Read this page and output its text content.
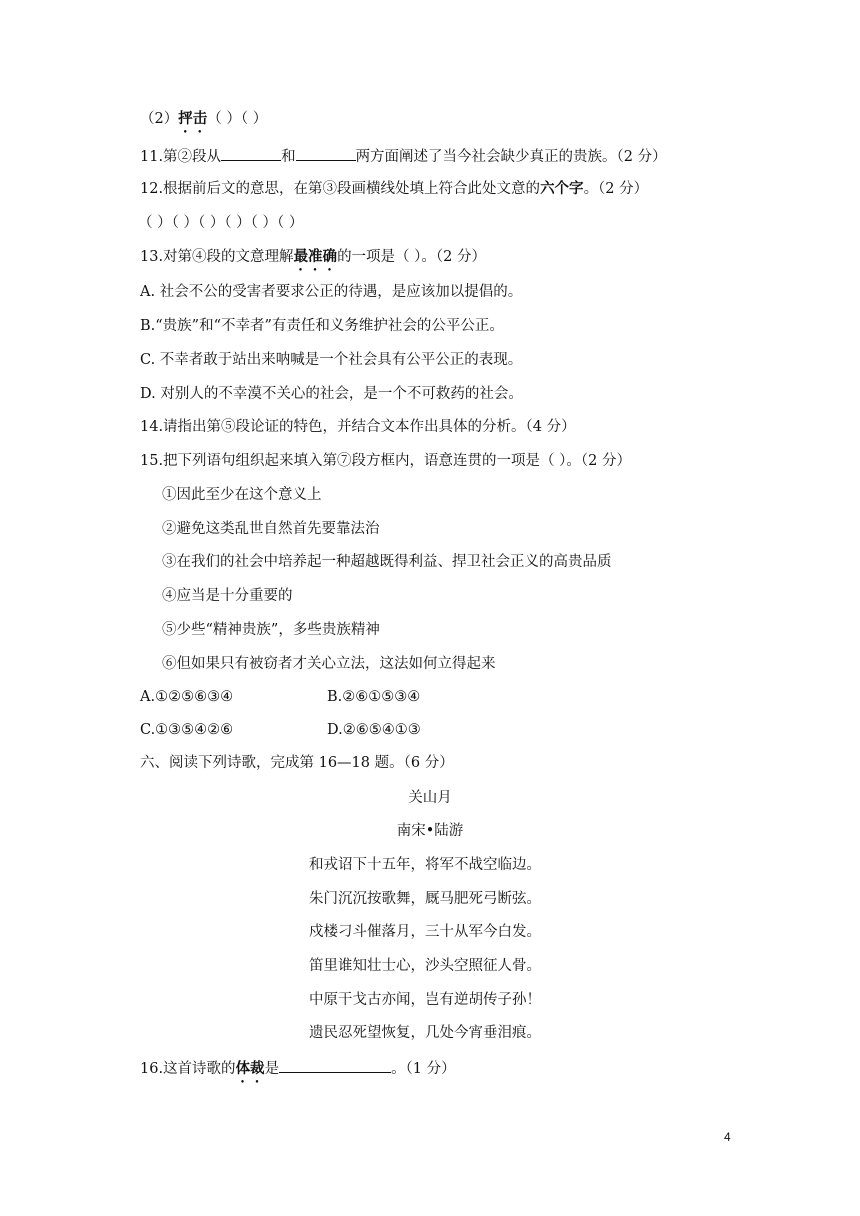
（2）抨击（ ）（ ）
11.第②段从	和	两方面阐述了当今社会缺少真正的贵族。（2 分）
12.根据前后文的意思，在第③段画横线处填上符合此处文意的六个字。（2 分）
（ ）（ ）（ ）（ ）（ ）（ ）
13.对第④段的文意理解最准确的一项是（ ）。（2 分）
A. 社会不公的受害者要求公正的待遇，是应该加以提倡的。
B.“贵族”和“不幸者”有责任和义务维护社会的公平公正。
C. 不幸者敢于站出来呐喊是一个社会具有公平公正的表现。
D. 对别人的不幸漠不关心的社会，是一个不可救药的社会。
14.请指出第⑤段论证的特色，并结合文本作出具体的分析。（4 分）
15.把下列语句组织起来填入第⑦段方框内，语意连贯的一项是（ ）。（2 分）
①因此至少在这个意义上
②避免这类乱世自然首先要靠法治
③在我们的社会中培养起一种超越既得利益、捍卫社会正义的高贵品质
④应当是十分重要的
⑤少些“精神贵族”，多些贵族精神
⑥但如果只有被窃者才关心立法，这法如何立得起来
A.①②⑤⑥③④	B.②⑥①⑤③④
C.①③⑤④②⑥	D.②⑥⑤④①③
六、阅读下列诗歌，完成第 16—18 题。（6 分）
关山月
南宋•陆游
和戎诏下十五年，将军不战空临边。
朱门沉沉按歌舞，厩马肥死弓断弦。
戍楼刁斗催落月，三十从军今白发。
笛里谁知壮士心，沙头空照征人骨。
中原干戈古亦闻，岂有逆胡传子孙！
遗民忍死望恢复，几处今宵垂泪痕。
16.这首诗歌的体裁是	。（1 分）
4
